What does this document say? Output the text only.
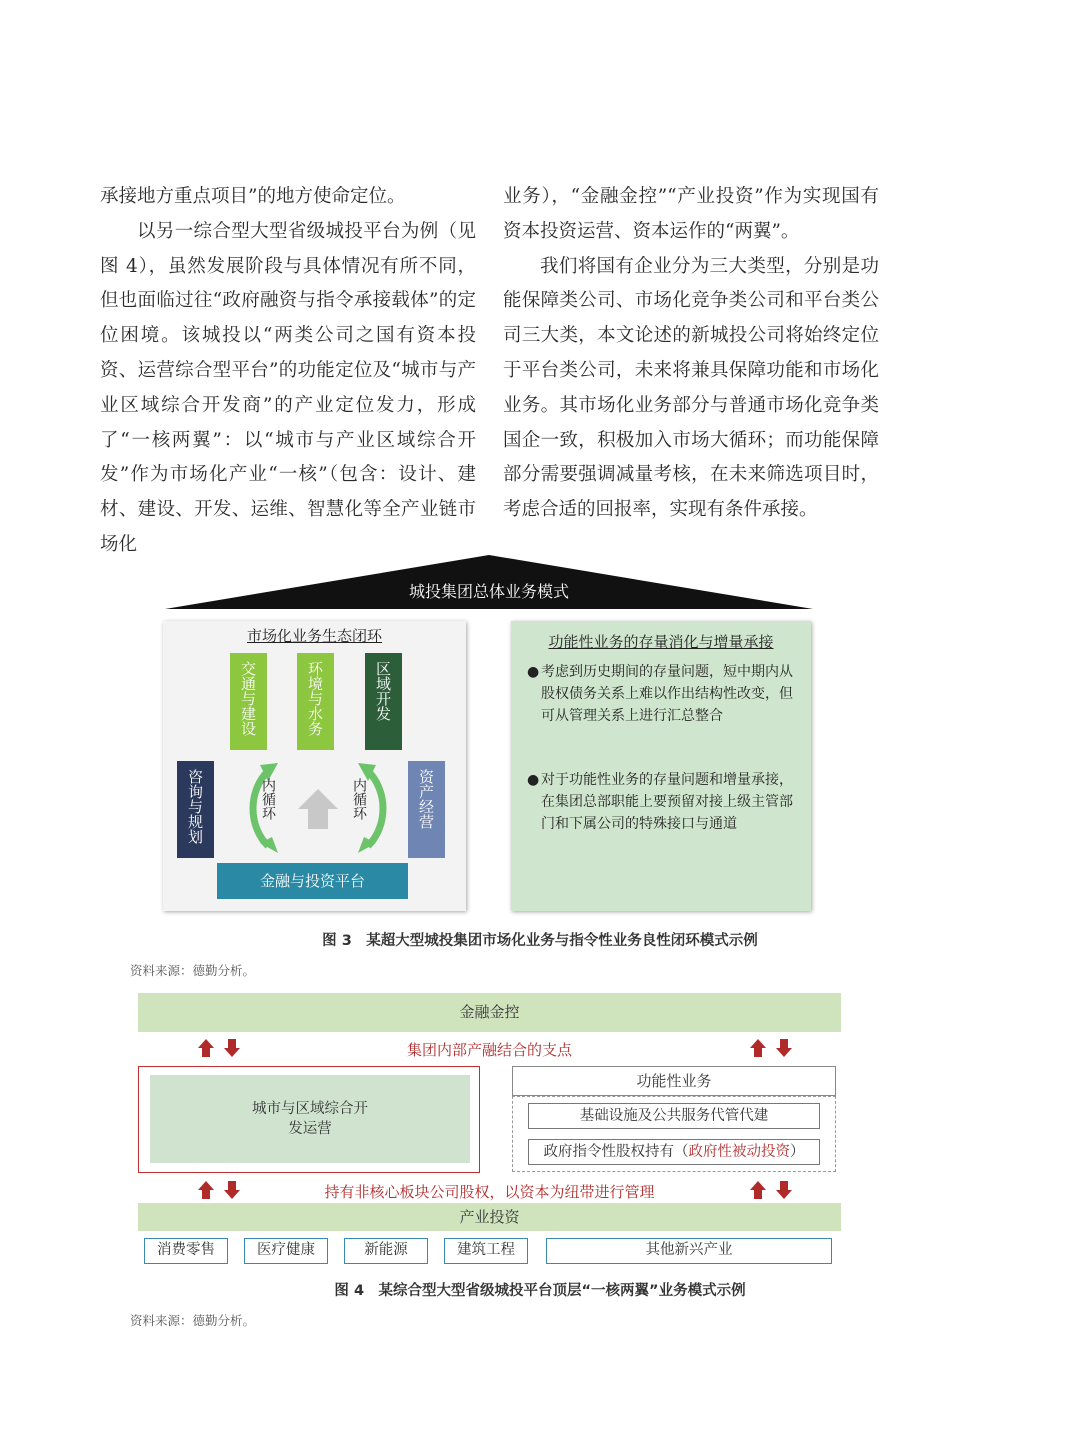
承接地方重点项目”的地方使命定位。

以另一综合型大型省级城投平台为例（见图 4），虽然发展阶段与具体情况有所不同，但也面临过往“政府融资与指令承接载体”的定位困境。该城投以“两类公司之国有资本投资、运营综合型平台”的功能定位及“城市与产业区域综合开发商”的产业定位发力，形成了“一核两翼”：以“城市与产业区域综合开发”作为市场化产业“一核”（包含：设计、建材、建设、开发、运维、智慧化等全产业链市场化

业务），“金融金控”“产业投资”作为实现国有资本投资运营、资本运作的“两翼”。

我们将国有企业分为三大类型，分别是功能保障类公司、市场化竞争类公司和平台类公司三大类，本文论述的新城投公司将始终定位于平台类公司，未来将兼具保障功能和市场化业务。其市场化业务部分与普通市场化竞争类国企一致，积极加入市场大循环；而功能保障部分需要强调减量考核，在未来筛选项目时，考虑合适的回报率，实现有条件承接。

城投集团总体业务模式
市场化业务生态闭环
交通与建设	环境与水务	区域开发
咨询与规划	资产经营
内循环	内循环
金融与投资平台
功能性业务的存量消化与增量承接
● 考虑到历史期间的存量问题，短中期内从股权债务关系上难以作出结构性改变，但可从管理关系上进行汇总整合
● 对于功能性业务的存量问题和增量承接，在集团总部职能上要预留对接上级主管部门和下属公司的特殊接口与通道
图 3　某超大型城投集团市场化业务与指令性业务良性闭环模式示例
资料来源：德勤分析。
金融金控
集团内部产融结合的支点
城市与区域综合开发运营
功能性业务
基础设施及公共服务代管代建
政府指令性股权持有（政府性被动投资）
持有非核心板块公司股权，以资本为纽带进行管理
产业投资
消费零售	医疗健康	新能源	建筑工程	其他新兴产业
图 4　某综合型大型省级城投平台顶层“一核两翼”业务模式示例
资料来源：德勤分析。
